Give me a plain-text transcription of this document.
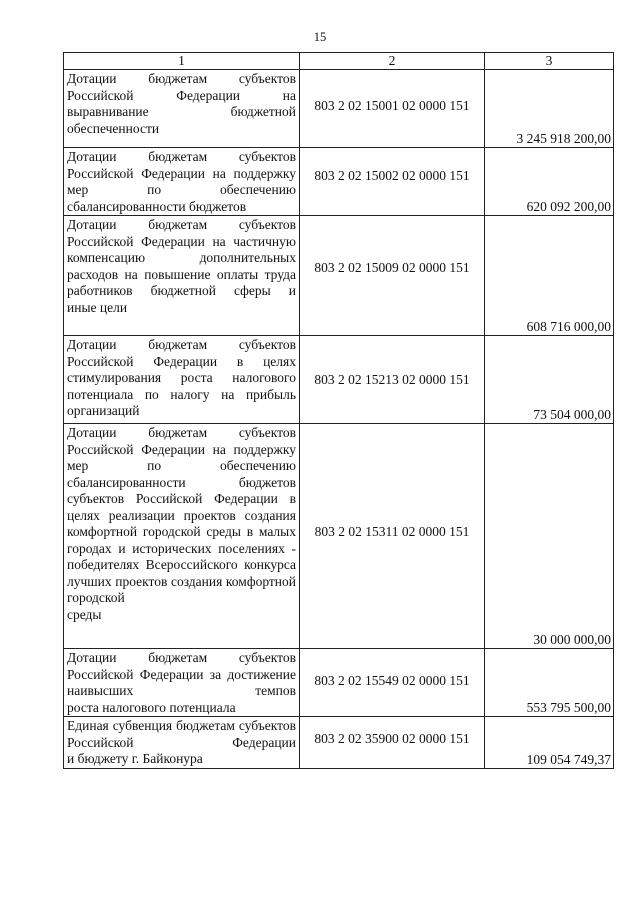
15
1	2	3
Дотации бюджетам субъектов Российской Федерации на выравнивание бюджетной
обеспеченности	803 2 02 15001 02 0000 151	3 245 918 200,00
Дотации бюджетам субъектов Российской Федерации на поддержку мер по обеспечению
сбалансированности бюджетов	803 2 02 15002 02 0000 151	620 092 200,00
Дотации бюджетам субъектов Российской Федерации на частичную компенсацию дополнительных расходов на повышение оплаты труда работников бюджетной сферы и
иные цели	803 2 02 15009 02 0000 151	608 716 000,00
Дотации бюджетам субъектов Российской Федерации в целях стимулирования роста налогового потенциала по налогу на прибыль
организаций	803 2 02 15213 02 0000 151	73 504 000,00
Дотации бюджетам субъектов Российской Федерации на поддержку мер по обеспечению сбалансированности бюджетов субъектов Российской Федерации в целях реализации проектов создания комфортной городской среды в малых городах и исторических поселениях - победителях Всероссийского конкурса лучших проектов создания комфортной городской
среды	803 2 02 15311 02 0000 151	30 000 000,00
Дотации бюджетам субъектов Российской Федерации за достижение наивысших темпов
роста налогового потенциала	803 2 02 15549 02 0000 151	553 795 500,00
Единая субвенция бюджетам субъектов Российской Федерации
и бюджету г. Байконура	803 2 02 35900 02 0000 151	109 054 749,37
